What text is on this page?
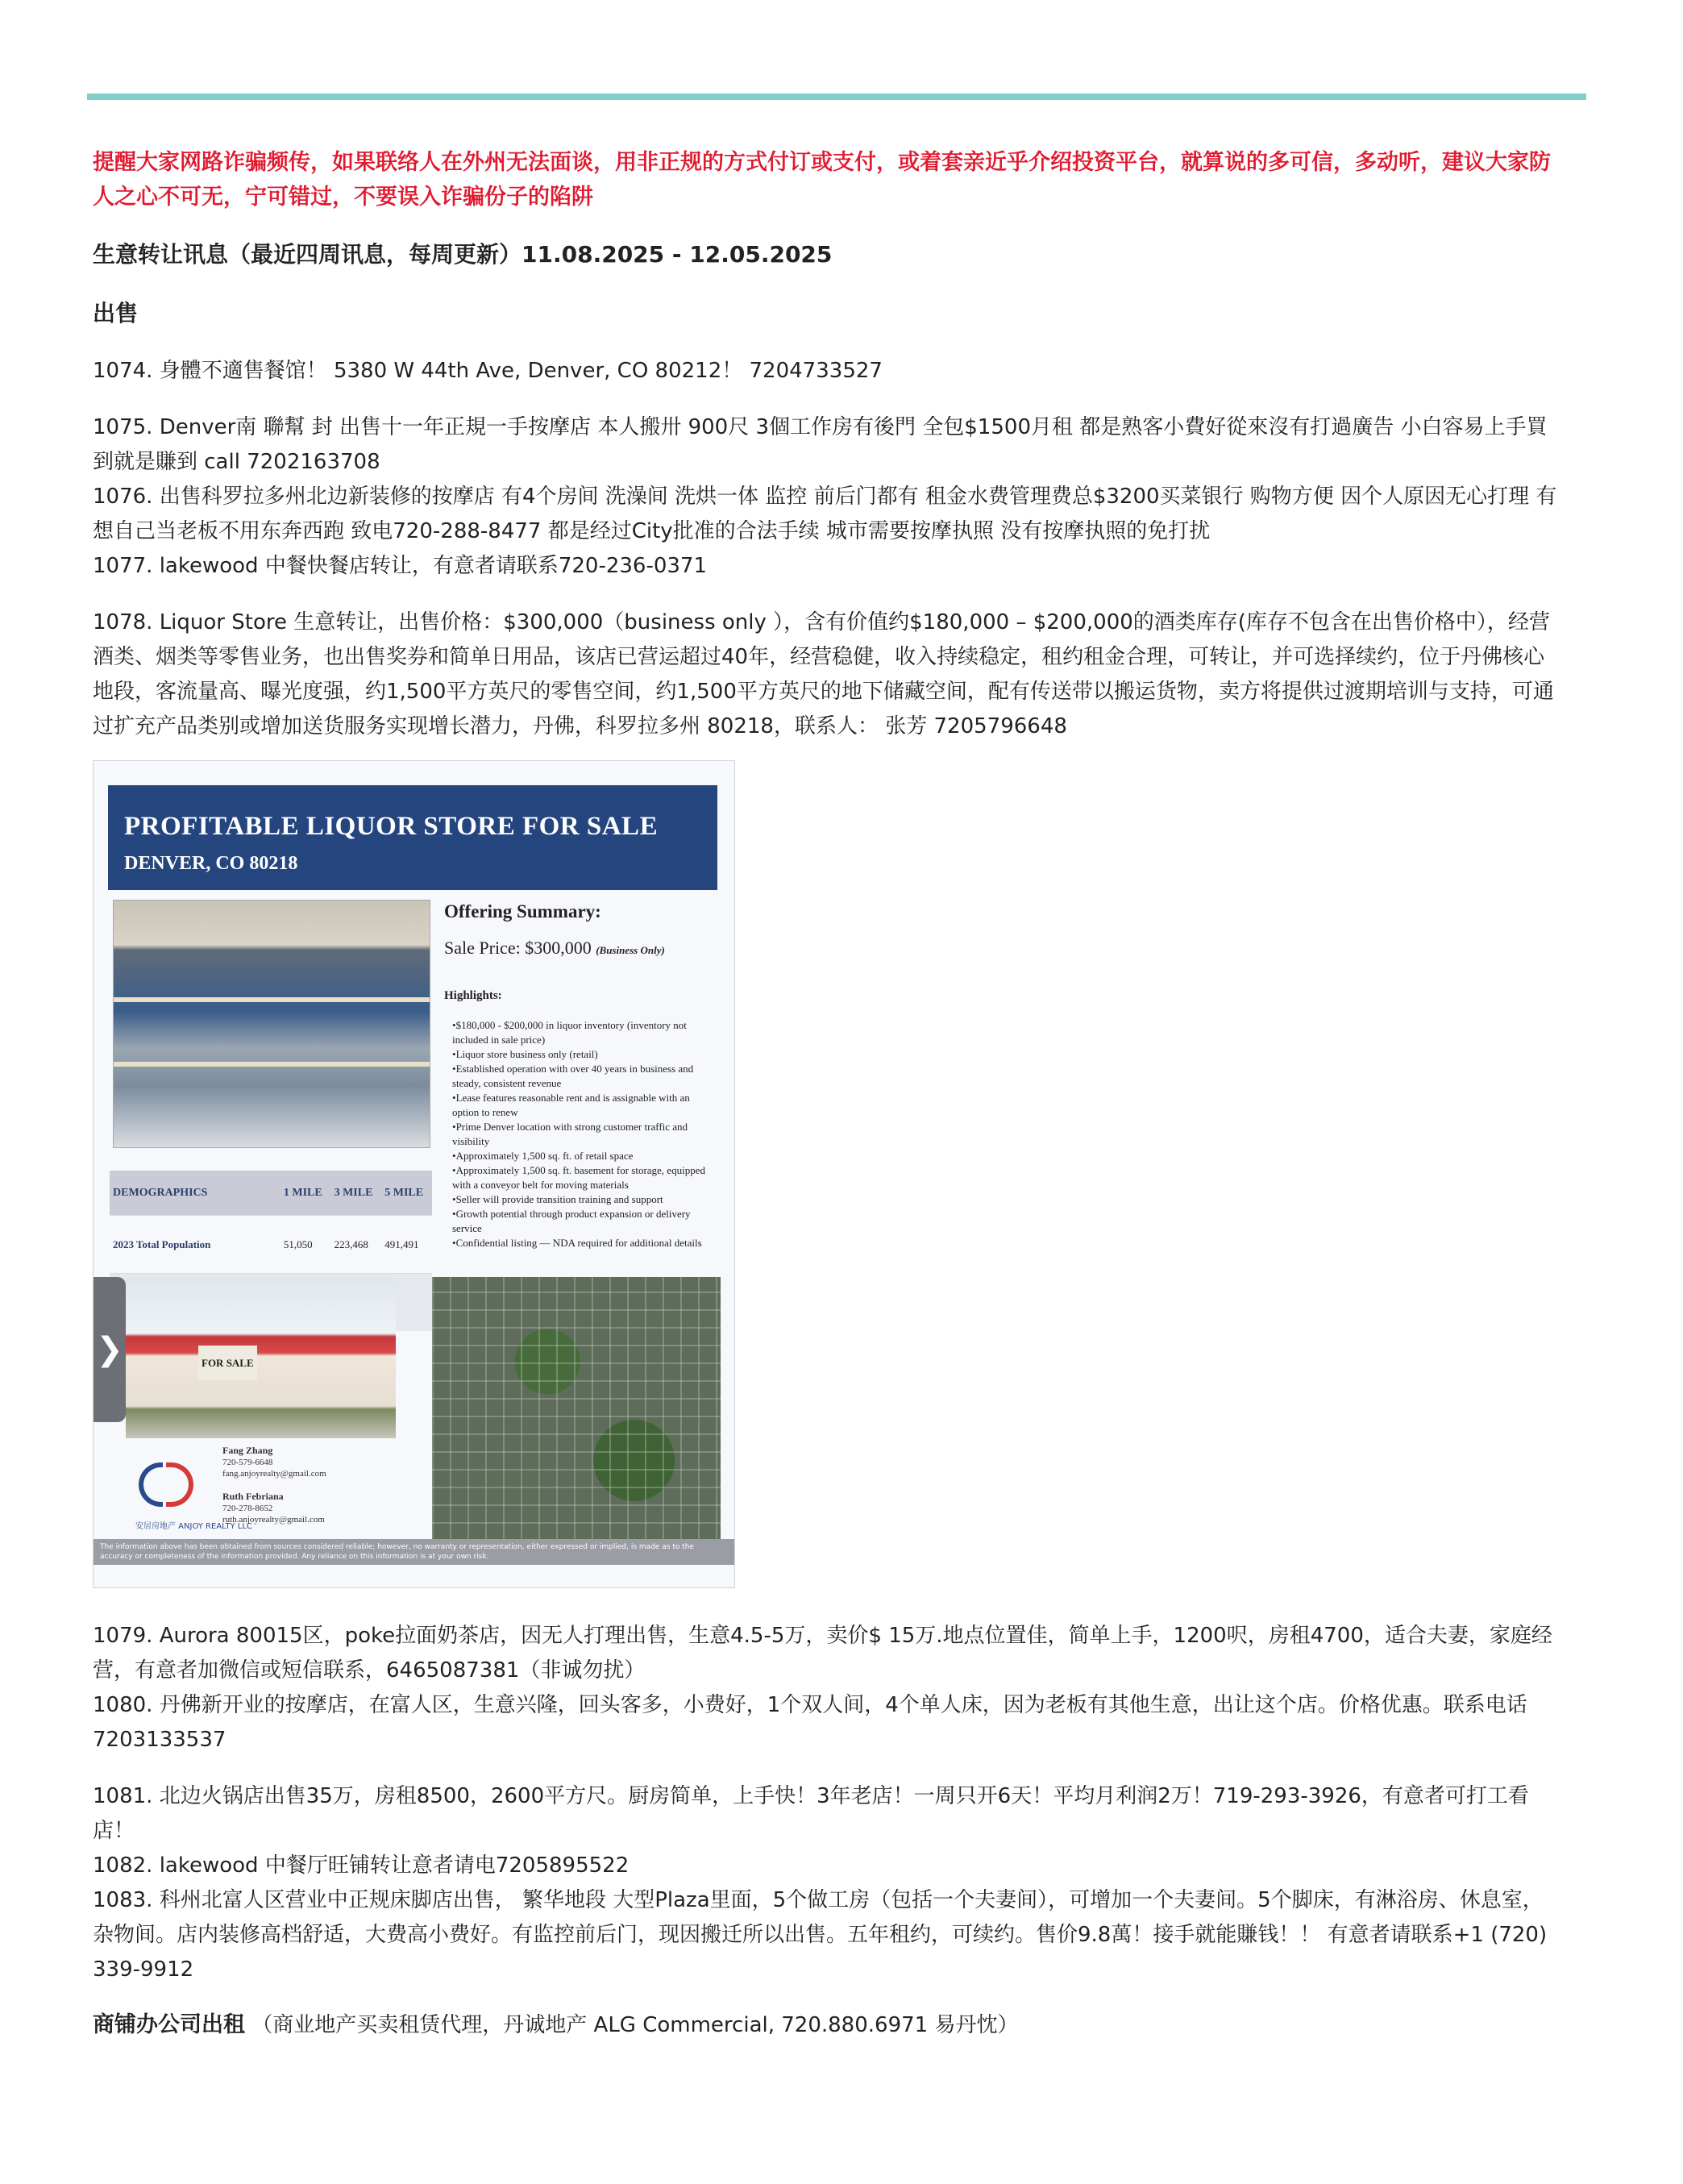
提醒大家网路诈骗频传，如果联络人在外州无法面谈，用非正规的方式付订或支付，或着套亲近乎介绍投资平台，就算说的多可信，多动听，建议大家防人之心不可无，宁可错过，不要误入诈骗份子的陷阱

生意转让讯息（最近四周讯息，每周更新）11.08.2025 - 12.05.2025

出售

1074. 身體不適售餐馆！ 5380 W 44th Ave, Denver, CO 80212！ 7204733527

1075. Denver南 聯幫 封 出售十一年正規一手按摩店 本人搬卅 900尺 3個工作房有後門 全包$1500月租 都是熟客小費好從來沒有打過廣告 小白容易上手買到就是賺到 call 7202163708

1076. 出售科罗拉多州北边新装修的按摩店 有4个房间 洗澡间 洗烘一体 监控 前后门都有 租金水费管理费总$3200买菜银行 购物方便 因个人原因无心打理 有想自己当老板不用东奔西跑 致电720-288-8477 都是经过City批准的合法手续 城市需要按摩执照 没有按摩执照的免打扰

1077. lakewood 中餐快餐店转让，有意者请联系720-236-0371

1078. Liquor Store 生意转让，出售价格：$300,000（business only ），含有价值约$180,000 – $200,000的酒类库存(库存不包含在出售价格中），经营酒类、烟类等零售业务，也出售奖券和简单日用品，该店已营运超过40年，经营稳健，收入持续稳定，租约租金合理，可转让，并可选择续约，位于丹佛核心地段，客流量高、曝光度强，约1,500平方英尺的零售空间，约1,500平方英尺的地下储藏空间，配有传送带以搬运货物，卖方将提供过渡期培训与支持，可通过扩充产品类别或增加送货服务实现增长潜力，丹佛，科罗拉多州 80218，联系人： 张芳 7205796648

PROFITABLE LIQUOR STORE FOR SALE
DENVER, CO 80218
Offering Summary:
Sale Price: $300,000 (Business Only)
Highlights:
• $180,000 - $200,000 in liquor inventory (inventory not included in sale price)
• Liquor store business only (retail)
• Established operation with over 40 years in business and steady, consistent revenue
• Lease features reasonable rent and is assignable with an option to renew
• Prime Denver location with strong customer traffic and visibility
• Approximately 1,500 sq. ft. of retail space
• Approximately 1,500 sq. ft. basement for storage, equipped with a conveyor belt for moving materials
• Seller will provide transition training and support
• Growth potential through product expansion or delivery service
• Confidential listing — NDA required for additional details
DEMOGRAPHICS	1 MILE	3 MILE	5 MILE
2023 Total Population	51,050	223,468	491,491

FOR SALE
❯
安居房地产 ANJOY REALTY LLC
Fang Zhang
720-579-6648
fang.anjoyrealty@gmail.com

Ruth Febriana
720-278-8652
ruth.anjoyrealty@gmail.com
The information above has been obtained from sources considered reliable; however, no warranty or representation, either expressed or implied, is made as to the accuracy or completeness of the information provided. Any reliance on this information is at your own risk.

1079. Aurora 80015区，poke拉面奶茶店，因无人打理出售，生意4.5-5万，卖价$ 15万.地点位置佳，简单上手，1200呎，房租4700，适合夫妻，家庭经营，有意者加微信或短信联系，6465087381（非诚勿扰）

1080. 丹佛新开业的按摩店，在富人区，生意兴隆，回头客多，小费好，1个双人间，4个单人床，因为老板有其他生意，出让这个店。价格优惠。联系电话7203133537

1081. 北边火锅店出售35万，房租8500，2600平方尺。厨房简单，上手快！3年老店！一周只开6天！平均月利润2万！719-293-3926，有意者可打工看店！

1082. lakewood 中餐厅旺铺转让意者请电7205895522

1083. 科州北富人区营业中正规床脚店出售， 繁华地段 大型Plaza里面，5个做工房（包括一个夫妻间），可增加一个夫妻间。5个脚床，有淋浴房、休息室，杂物间。店内装修高档舒适，大费高小费好。有监控前后门，现因搬迁所以出售。五年租约，可续约。售价9.8萬！接手就能賺钱！！ 有意者请联系+1 (720) 339-9912

商铺办公司出租 （商业地产买卖租赁代理，丹诚地产 ALG Commercial, 720.880.6971 易丹忱）
